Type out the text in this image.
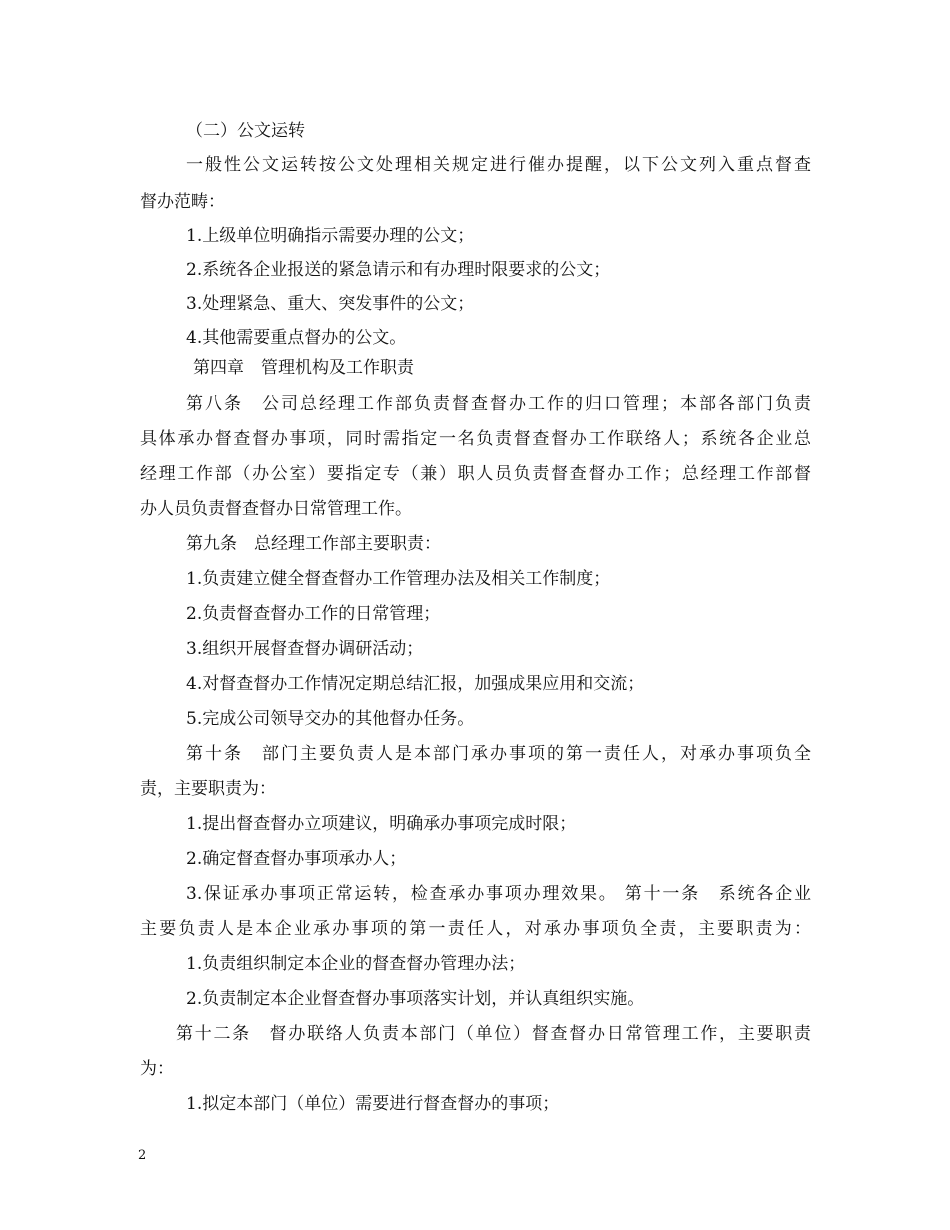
（二）公文运转
一般性公文运转按公文处理相关规定进行催办提醒，以下公文列入重点督查
督办范畴：
1.上级单位明确指示需要办理的公文；
2.系统各企业报送的紧急请示和有办理时限要求的公文；
3.处理紧急、重大、突发事件的公文；
4.其他需要重点督办的公文。
第四章　管理机构及工作职责
第八条　公司总经理工作部负责督查督办工作的归口管理；本部各部门负责
具体承办督查督办事项，同时需指定一名负责督查督办工作联络人；系统各企业总
经理工作部（办公室）要指定专（兼）职人员负责督查督办工作；总经理工作部督
办人员负责督查督办日常管理工作。
第九条　总经理工作部主要职责：
1.负责建立健全督查督办工作管理办法及相关工作制度；
2.负责督查督办工作的日常管理；
3.组织开展督查督办调研活动；
4.对督查督办工作情况定期总结汇报，加强成果应用和交流；
5.完成公司领导交办的其他督办任务。
第十条　部门主要负责人是本部门承办事项的第一责任人，对承办事项负全
责，主要职责为：
1.提出督查督办立项建议，明确承办事项完成时限；
2.确定督查督办事项承办人；
3.保证承办事项正常运转，检查承办事项办理效果。 第十一条　系统各企业
主要负责人是本企业承办事项的第一责任人，对承办事项负全责，主要职责为：
1.负责组织制定本企业的督查督办管理办法；
2.负责制定本企业督查督办事项落实计划，并认真组织实施。
第十二条　督办联络人负责本部门（单位）督查督办日常管理工作，主要职责
为：
1.拟定本部门（单位）需要进行督查督办的事项；
2
